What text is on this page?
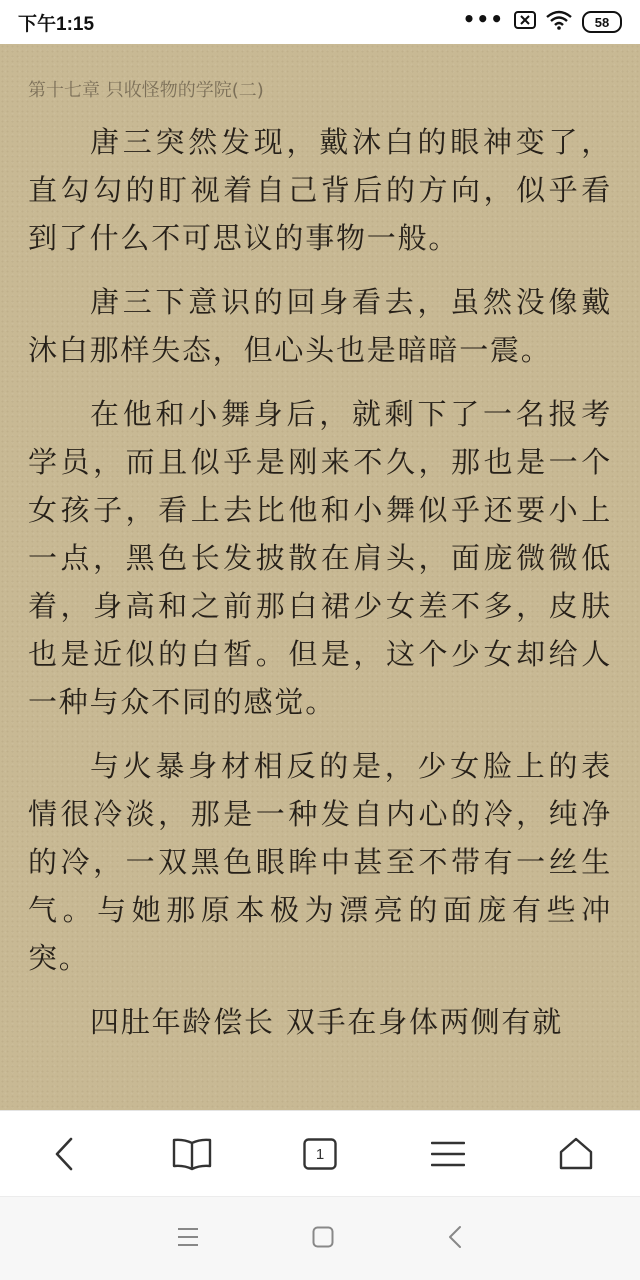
下午1:15	•••	58
第十七章 只收怪物的学院(二)

唐三突然发现，戴沐白的眼神变了，直勾勾的盯视着自己背后的方向，似乎看到了什么不可思议的事物一般。

唐三下意识的回身看去，虽然没像戴沐白那样失态，但心头也是暗暗一震。

在他和小舞身后，就剩下了一名报考学员，而且似乎是刚来不久，那也是一个女孩子，看上去比他和小舞似乎还要小上一点，黑色长发披散在肩头，面庞微微低着，身高和之前那白裙少女差不多，皮肤也是近似的白皙。但是，这个少女却给人一种与众不同的感觉。

与火暴身材相反的是，少女脸上的表情很冷淡，那是一种发自内心的冷，纯净的冷，一双黑色眼眸中甚至不带有一丝生气。与她那原本极为漂亮的面庞有些冲突。

四肚年龄偿长 双手在身体两侧有就

1
